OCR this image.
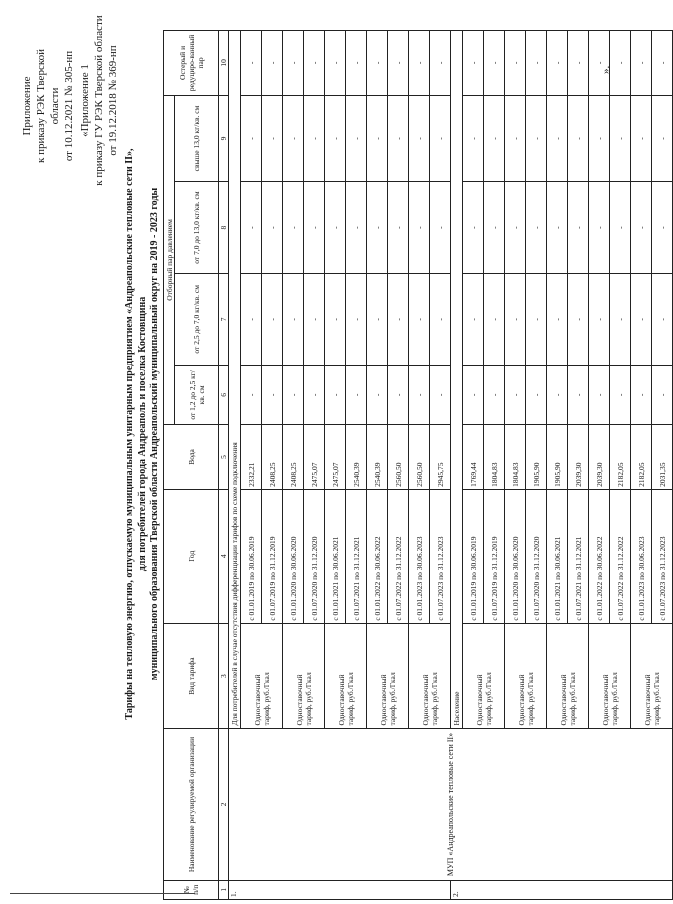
Приложение к приказу РЭК Тверской области от 10.12.2021 № 305-нп «Приложение 1 к приказу ГУ РЭК Тверской области от 19.12.2018 № 369-нп
Тарифы на тепловую энергию, отпускаемую муниципальным унитарным предприятием «Андреапольские тепловые сети II», для потребителей города Андреаполь и поселка Костовщина муниципального образования Тверской области Андреапольский муниципальный округ на 2019 - 2023 годы
№ п/п	Наименование регулируемой организации	Вид тарифа	Год	Вода	Отборный пар давлением				Остерый и редуциро-ванный пар
					от 1,2 до 2,5 кг/кв. см	от 2,5 до 7,0 кг/кв. см	от 7,0 до 13,0 кг/кв. см	свыше 13,0 кг/кв. см	
1	2	3	4	5	6	7	8	9	10
1.	МУП «Андреапольские тепловые сети II»	Для потребителей в случае отсутствия дифференциации тарифов по схеме подключения							

		Одноставочный тариф, руб./Гкал	с 01.01.2019 по 30.06.2019	2332,21	-	-	-	-	-
			с 01.07.2019 по 31.12.2019	2408,25	-	-	-	-	-

		Одноставочный тариф, руб./Гкал	с 01.01.2020 по 30.06.2020	2408,25	-	-	-	-	-
			с 01.07.2020 по 31.12.2020	2475,07	-	-	-	-	-

		Одноставочный тариф, руб./Гкал	с 01.01.2021 по 30.06.2021	2475,07	-	-	-	-	-
			с 01.07.2021 по 31.12.2021	2540,39	-	-	-	-	-

		Одноставочный тариф, руб./Гкал	с 01.01.2022 по 30.06.2022	2540,39	-	-	-	-	-
			с 01.07.2022 по 31.12.2022	2560,50	-	-	-	-	-

		Одноставочный тариф, руб./Гкал	с 01.01.2023 по 30.06.2023	2560,50	-	-	-	-	-
			с 01.07.2023 по 31.12.2023	2945,75	-	-	-	-	-
2.		Население							

		Одноставочный тариф, руб./Гкал	с 01.01.2019 по 30.06.2019	1769,44	-	-	-	-	-
			с 01.07.2019 по 31.12.2019	1804,83	-	-	-	-	-

		Одноставочный тариф, руб./Гкал	с 01.01.2020 по 30.06.2020	1804,83	-	-	-	-	-
			с 01.07.2020 по 31.12.2020	1905,90	-	-	-	-	-

		Одноставочный тариф, руб./Гкал	с 01.01.2021 по 30.06.2021	1905,90	-	-	-	-	-
			с 01.07.2021 по 31.12.2021	2039,30	-	-	-	-	-

		Одноставочный тариф, руб./Гкал	с 01.01.2022 по 30.06.2022	2039,30	-	-	-	-	-
			с 01.07.2022 по 31.12.2022	2182,05	-	-	-	-	-

		Одноставочный тариф, руб./Гкал	с 01.01.2023 по 30.06.2023	2182,05	-	-	-	-	-
			с 01.07.2023 по 31.12.2023	2031,35	-	-	-	-	-
».
